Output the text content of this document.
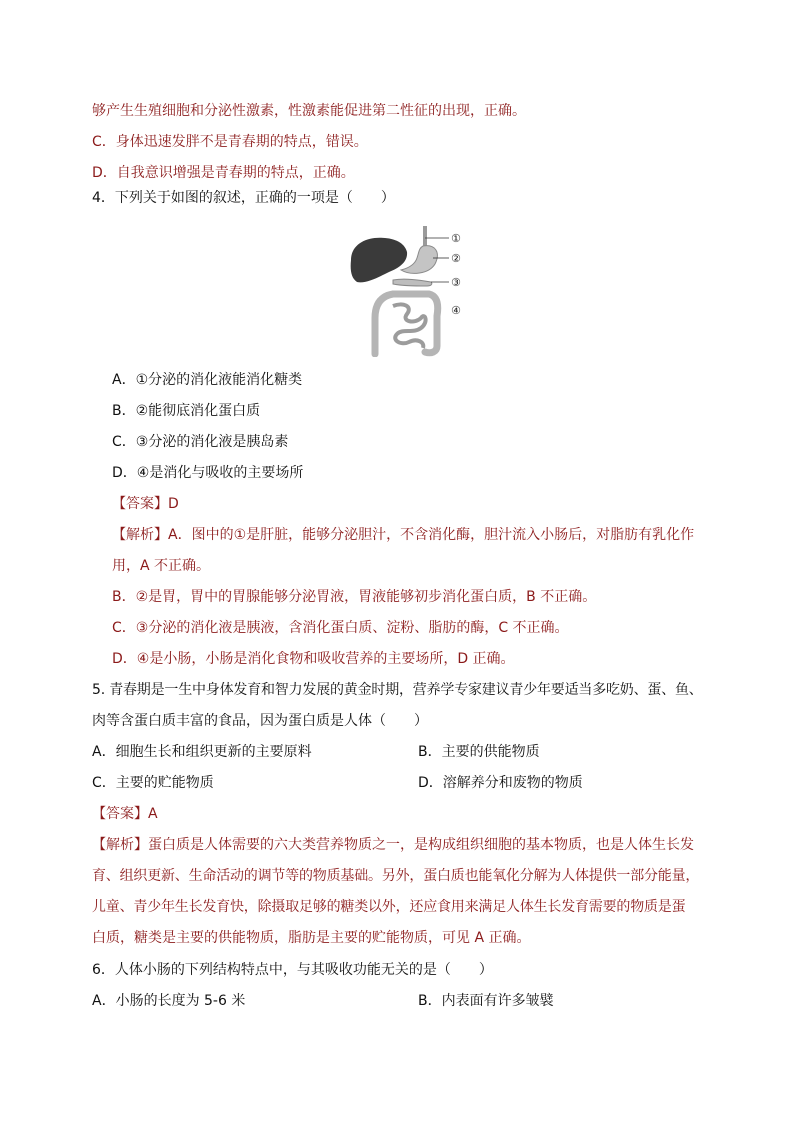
够产生生殖细胞和分泌性激素，性激素能促进第二性征的出现，正确。
C．身体迅速发胖不是青春期的特点，错误。
D．自我意识增强是青春期的特点，正确。
4．下列关于如图的叙述，正确的一项是（　　）
①
②
③
④
A．①分泌的消化液能消化糖类
B．②能彻底消化蛋白质
C．③分泌的消化液是胰岛素
D．④是消化与吸收的主要场所
【答案】D
【解析】A．图中的①是肝脏，能够分泌胆汁，不含消化酶，胆汁流入小肠后，对脂肪有乳化作
用，A 不正确。
B．②是胃，胃中的胃腺能够分泌胃液，胃液能够初步消化蛋白质，B 不正确。
C．③分泌的消化液是胰液，含消化蛋白质、淀粉、脂肪的酶，C 不正确。
D．④是小肠，小肠是消化食物和吸收营养的主要场所，D 正确。
5. 青春期是一生中身体发育和智力发展的黄金时期，营养学专家建议青少年要适当多吃奶、蛋、鱼、
肉等含蛋白质丰富的食品，因为蛋白质是人体（　　）
A．细胞生长和组织更新的主要原料	B．主要的供能物质
C．主要的贮能物质	D．溶解养分和废物的物质
【答案】A
【解析】蛋白质是人体需要的六大类营养物质之一，是构成组织细胞的基本物质，也是人体生长发
育、组织更新、生命活动的调节等的物质基础。另外，蛋白质也能氧化分解为人体提供一部分能量，
儿童、青少年生长发育快，除摄取足够的糖类以外，还应食用来满足人体生长发育需要的物质是蛋
白质，糖类是主要的供能物质，脂肪是主要的贮能物质，可见 A 正确。
6．人体小肠的下列结构特点中，与其吸收功能无关的是（　　）
A．小肠的长度为 5-6 米	B．内表面有许多皱襞
